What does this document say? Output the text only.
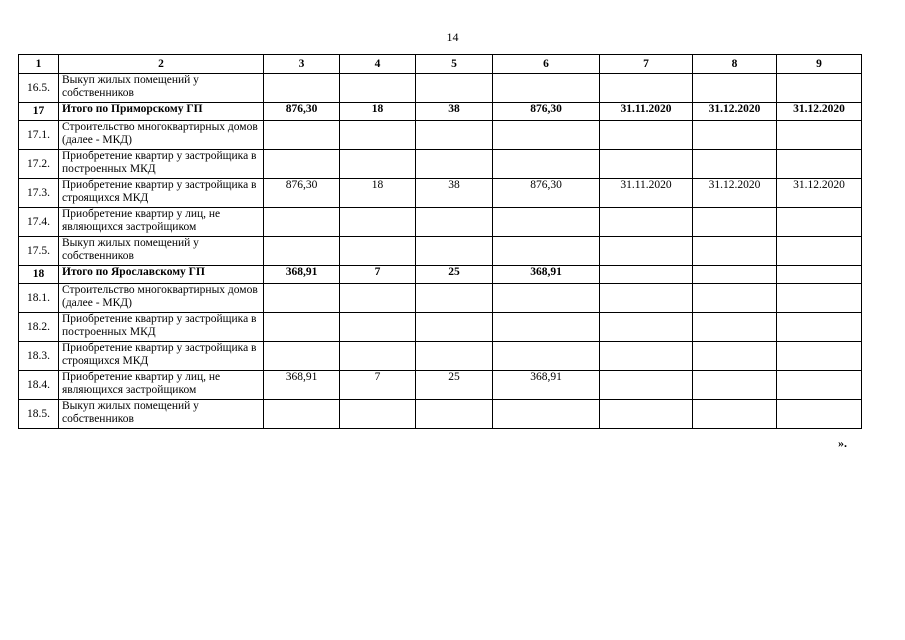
14
1	2	3	4	5	6	7	8	9
16.5.	Выкуп жилых помещений у собственников							
17	Итого по Приморскому ГП	876,30	18	38	876,30	31.11.2020	31.12.2020	31.12.2020
17.1.	Строительство многоквартирных домов (далее - МКД)							
17.2.	Приобретение квартир у застройщика в построенных МКД							
17.3.	Приобретение квартир у застройщика в строящихся МКД	876,30	18	38	876,30	31.11.2020	31.12.2020	31.12.2020
17.4.	Приобретение квартир у лиц, не являющихся застройщиком							
17.5.	Выкуп жилых помещений у собственников							
18	Итого по Ярославскому ГП	368,91	7	25	368,91			
18.1.	Строительство многоквартирных домов (далее - МКД)							
18.2.	Приобретение квартир у застройщика в построенных МКД							
18.3.	Приобретение квартир у застройщика в строящихся МКД							
18.4.	Приобретение квартир у лиц, не являющихся застройщиком	368,91	7	25	368,91			
18.5.	Выкуп жилых помещений у собственников							
».
